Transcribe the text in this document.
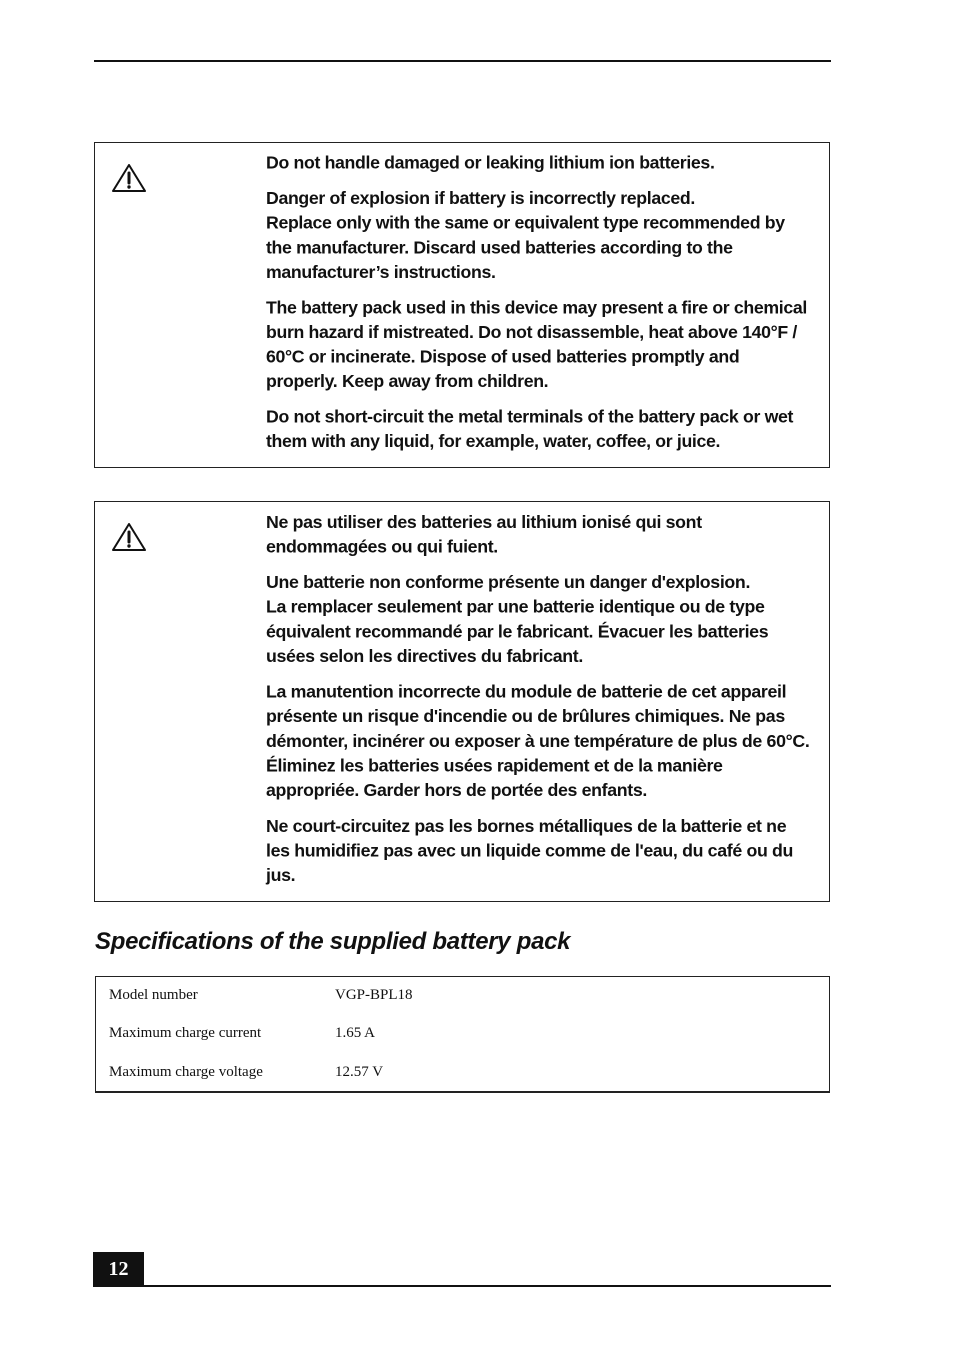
Do not handle damaged or leaking lithium ion batteries.

Danger of explosion if battery is incorrectly replaced.
Replace only with the same or equivalent type recommended by the manufacturer. Discard used batteries according to the manufacturer’s instructions.

The battery pack used in this device may present a fire or chemical burn hazard if mistreated. Do not disassemble, heat above 140°F / 60°C or incinerate. Dispose of used batteries promptly and properly. Keep away from children.

Do not short-circuit the metal terminals of the battery pack or wet them with any liquid, for example, water, coffee, or juice.

Ne pas utiliser des batteries au lithium ionisé qui sont endommagées ou qui fuient.

Une batterie non conforme présente un danger d'explosion.
La remplacer seulement par une batterie identique ou de type équivalent recommandé par le fabricant. Évacuer les batteries usées selon les directives du fabricant.

La manutention incorrecte du module de batterie de cet appareil présente un risque d'incendie ou de brûlures chimiques. Ne pas démonter, incinérer ou exposer à une température de plus de 60°C. Éliminez les batteries usées rapidement et de la manière appropriée. Garder hors de portée des enfants.

Ne court-circuitez pas les bornes métalliques de la batterie et ne les humidifiez pas avec un liquide comme de l'eau, du café ou du jus.

Specifications of the supplied battery pack
Model number	VGP-BPL18
Maximum charge current	1.65 A
Maximum charge voltage	12.57 V
12
